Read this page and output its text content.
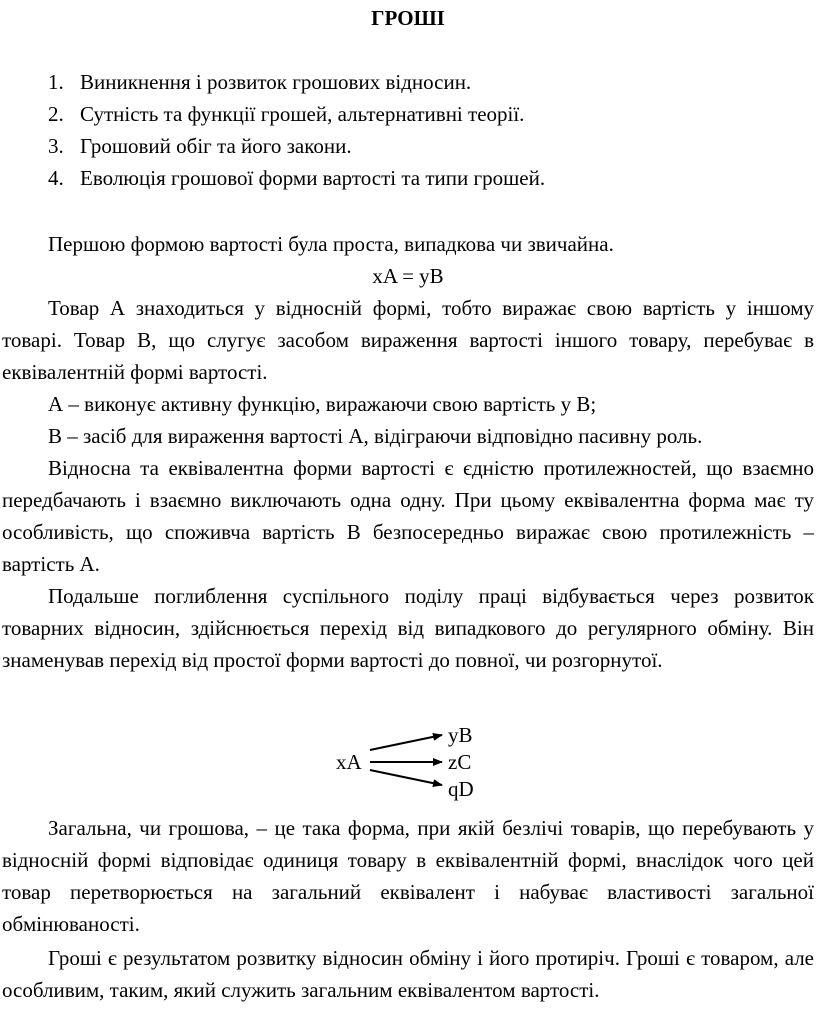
ГРОШІ
1. Виникнення і розвиток грошових відносин.
2. Сутність та функції грошей, альтернативні теорії.
3. Грошовий обіг та його закони.
4. Еволюція грошової форми вартості та типи грошей.

Першою формою вартості була проста, випадкова чи звичайна.

xA = yB

Товар А знаходиться у відносній формі, тобто виражає свою вартість у іншому товарі. Товар В, що слугує засобом вираження вартості іншого товару, перебуває в еквівалентній формі вартості.

А – виконує активну функцію, виражаючи свою вартість у В;

В – засіб для вираження вартості А, відіграючи відповідно пасивну роль.

Відносна та еквівалентна форми вартості є єдністю протилежностей, що взаємно передбачають і взаємно виключають одна одну. При цьому еквівалентна форма має ту особливість, що споживча вартість В безпосередньо виражає свою протилежність – вартість А.

Подальше поглиблення суспільного поділу праці відбувається через розвиток товарних відносин, здійснюється перехід від випадкового до регулярного обміну. Він знаменував перехід від простої форми вартості до повної, чи розгорнутої.

xA
yB
zC
qD

Загальна, чи грошова, – це така форма, при якій безлічі товарів, що перебувають у відносній формі відповідає одиниця товару в еквівалентній формі, внаслідок чого цей товар перетворюється на загальний еквівалент і набуває властивості загальної обмінюваності.

Гроші є результатом розвитку відносин обміну і його протиріч. Гроші є товаром, але особливим, таким, який служить загальним еквівалентом вартості.
